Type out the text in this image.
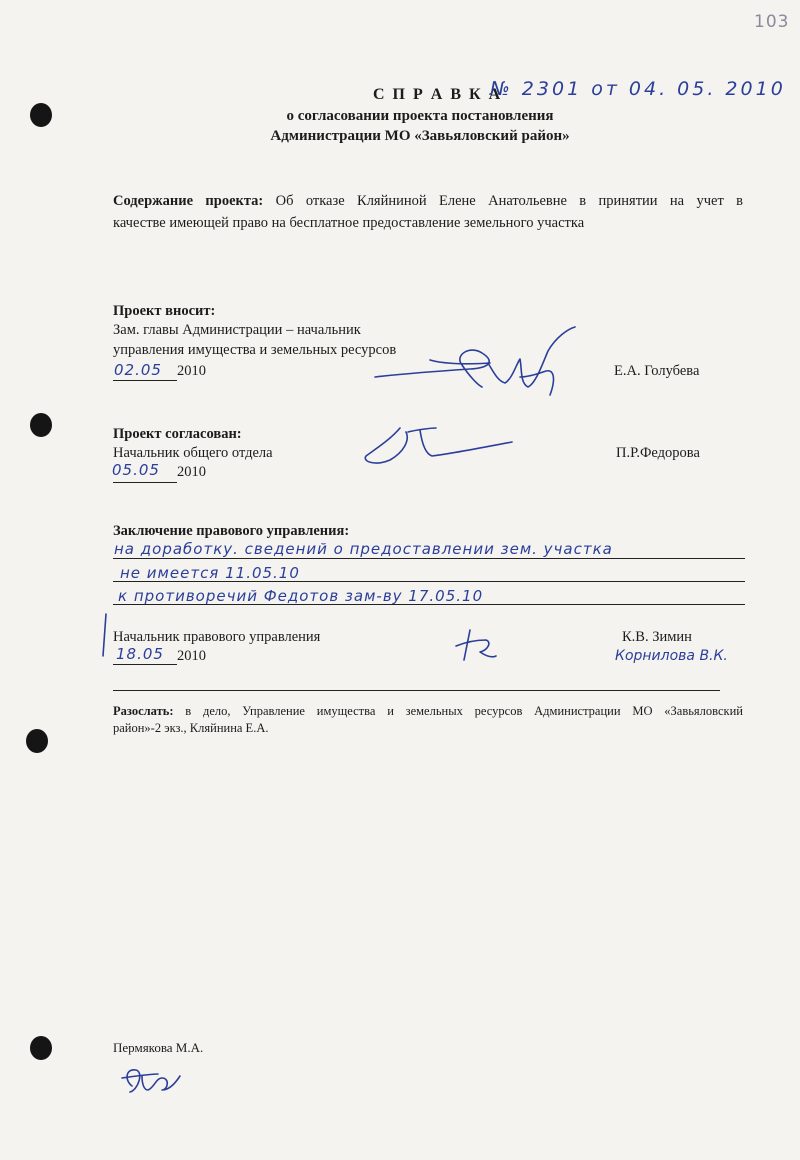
103
С П Р А В К А
№ 2301 от 04. 05. 2010
о согласовании проекта постановления
Администрации МО «Завьяловский район»
Содержание проекта: Об отказе Кляйниной Елене Анатольевне в принятии на учет в
качестве имеющей право на бесплатное предоставление земельного участка
Проект вносит:
Зам. главы Администрации – начальник
управления имущества и земельных ресурсов
02.05 2010	Е.А. Голубева
Проект согласован:
Начальник общего отдела
05.05 2010
П.Р.Федорова
Заключение правового управления:
на доработку. сведений о предоставлении зем. участка
не имеется 11.05.10
к противоречий Федотов зам-ву 17.05.10
Начальник правового управления
18.05 2010
К.В. Зимин
Корнилова В.К.
Разослать: в дело, Управление имущества и земельных ресурсов Администрации МО «Завьяловский
район»-2 экз., Кляйнина Е.А.
Пермякова М.А.
